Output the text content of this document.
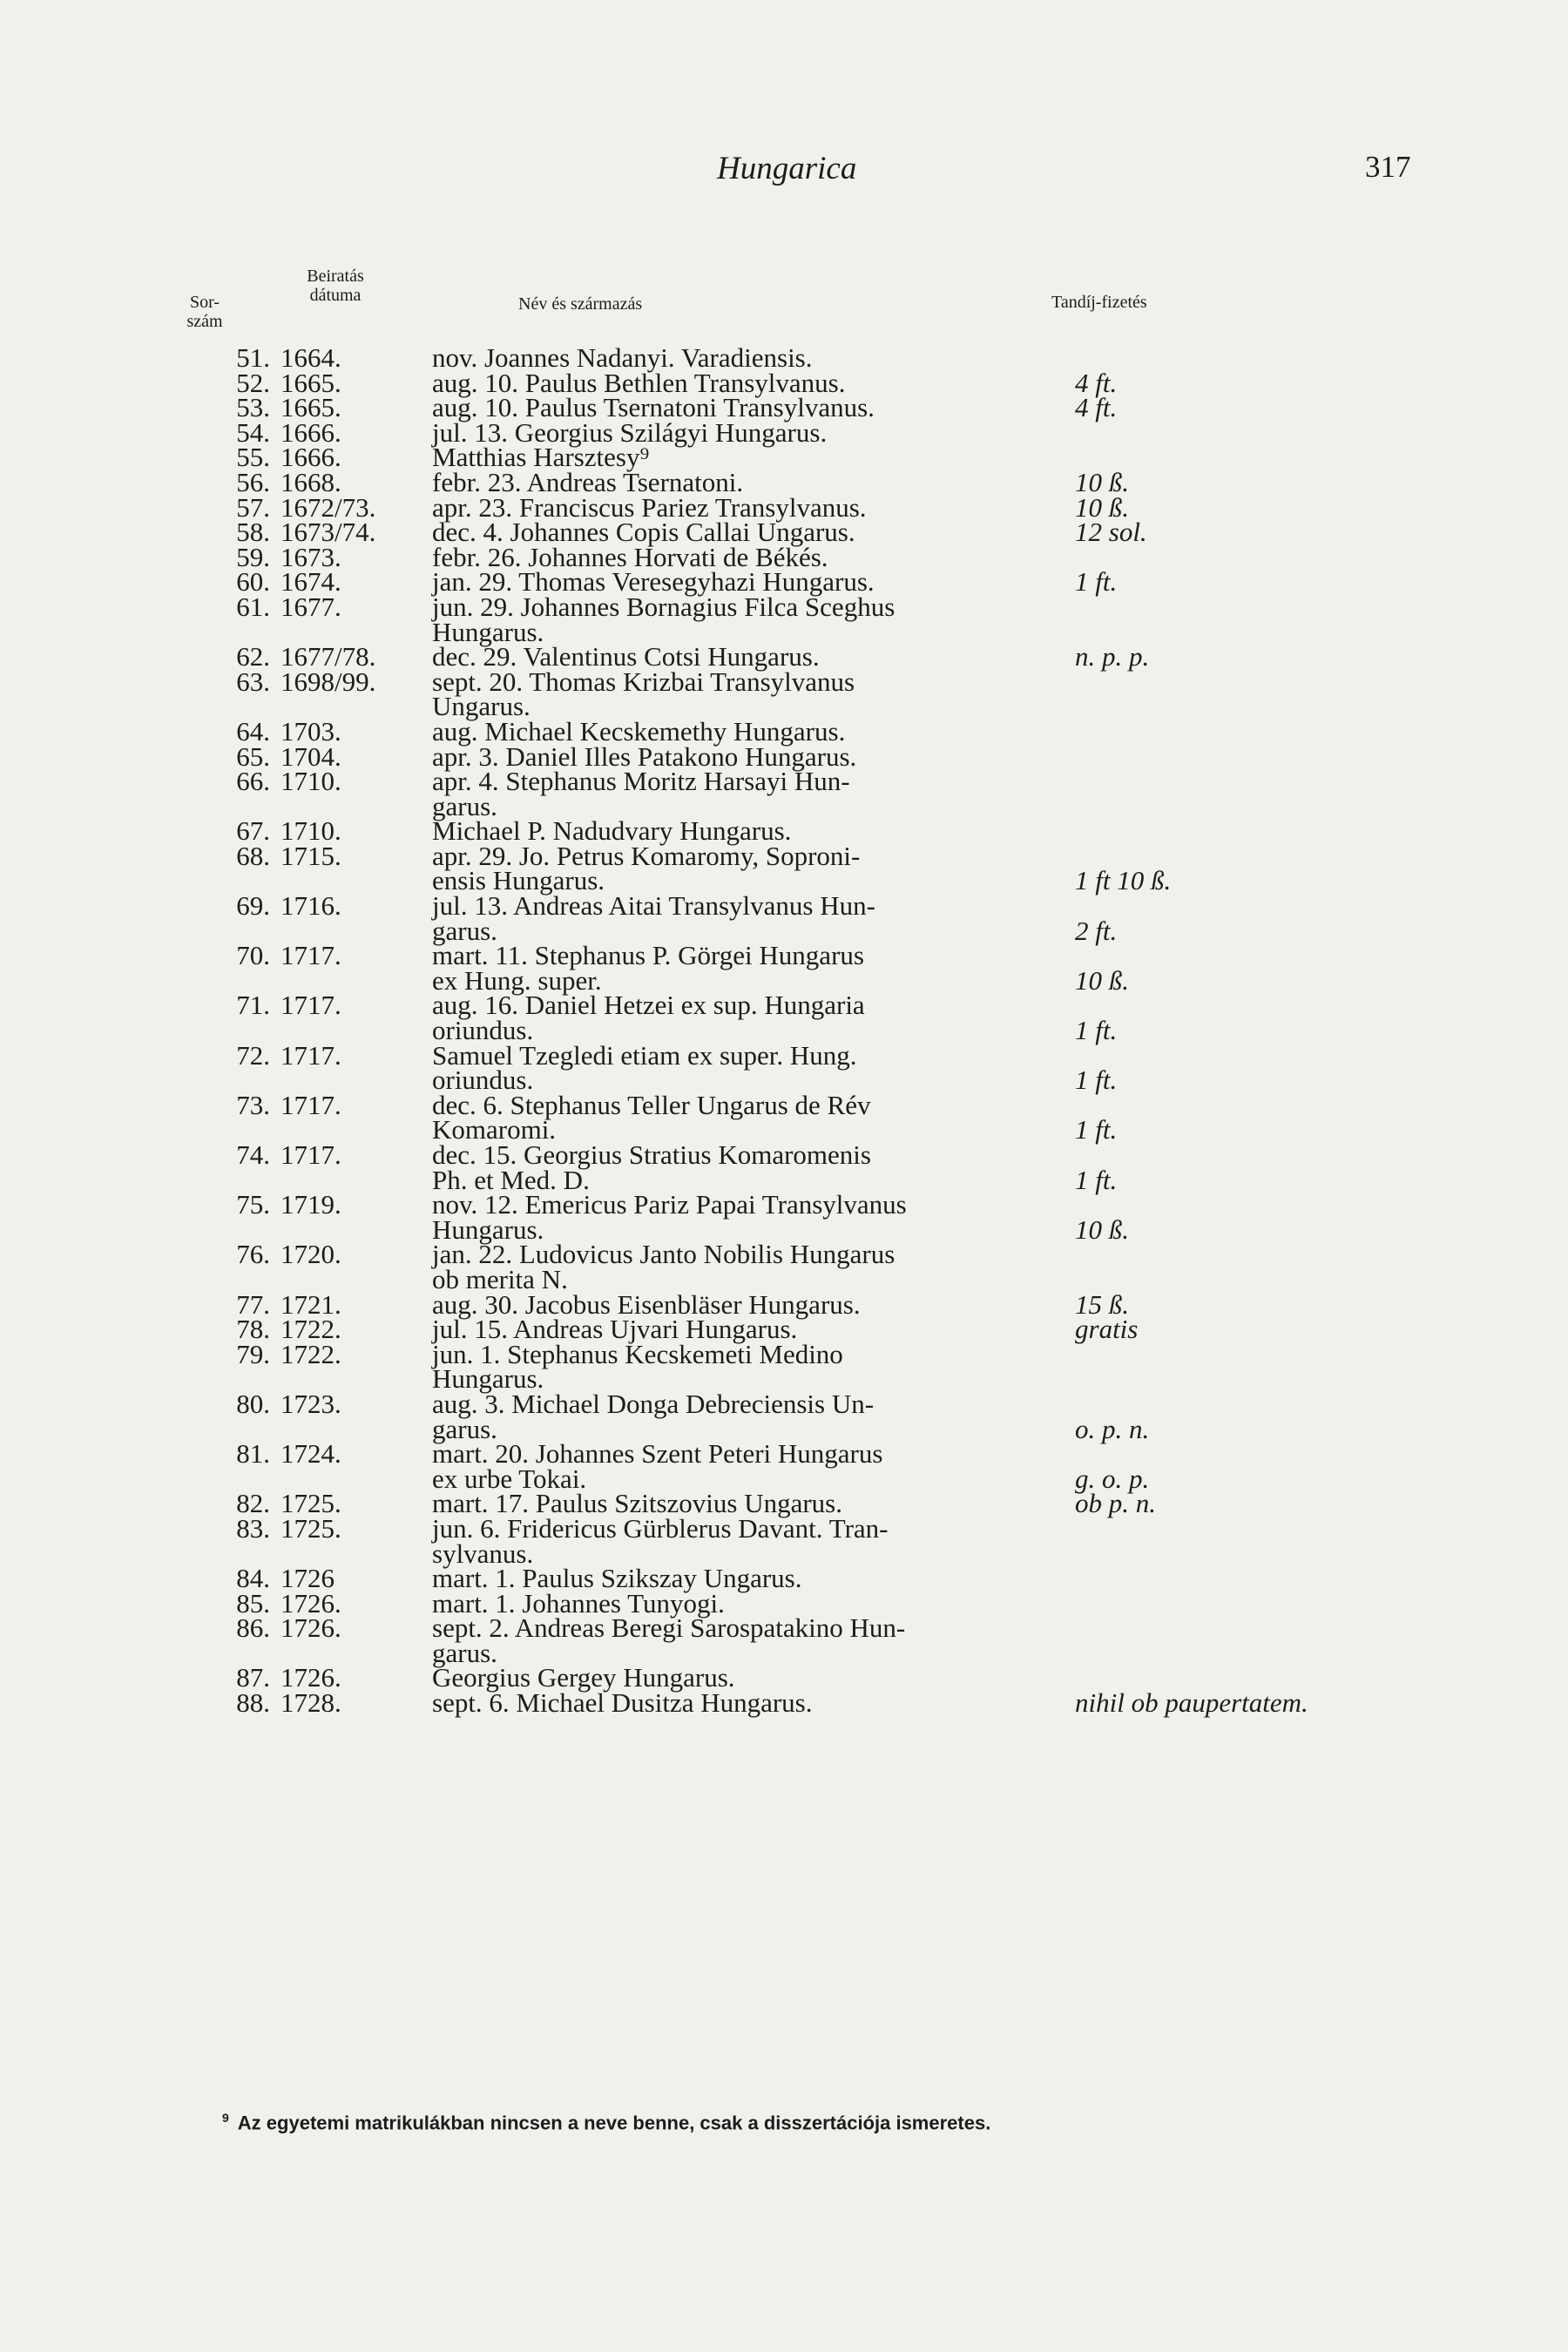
Hungarica	317
Sor-
szám
Beiratás
dátuma	Név és származás	Tandíj-fizetés
51. 1664.	nov. Joannes Nadanyi. Varadiensis.
52. 1665.	aug. 10. Paulus Bethlen Transylvanus.	4 ft.
53. 1665.	aug. 10. Paulus Tsernatoni Transylvanus.	4 ft.
54. 1666.	jul. 13. Georgius Szilágyi Hungarus.
55. 1666.	Matthias Harsztesy⁹
56. 1668.	febr. 23. Andreas Tsernatoni.	10 ß.
57. 1672/73. apr. 23. Franciscus Pariez Transylvanus.	10 ß.
58. 1673/74. dec. 4. Johannes Copis Callai Ungarus.	12 sol.
59. 1673.	febr. 26. Johannes Horvati de Békés.
60. 1674.	jan. 29. Thomas Veresegyhazi Hungarus.	1 ft.
61. 1677.	jun. 29. Johannes Bornagius Filca Sceghus
Hungarus.
62. 1677/78. dec. 29. Valentinus Cotsi Hungarus.	n. p. p.
63. 1698/99. sept. 20. Thomas Krizbai Transylvanus
Ungarus.
64. 1703.	aug. Michael Kecskemethy Hungarus.
65. 1704.	apr. 3. Daniel Illes Patakono Hungarus.
66. 1710.	apr. 4. Stephanus Moritz Harsayi Hun-
garus.
67. 1710.	Michael P. Nadudvary Hungarus.
68. 1715.	apr. 29. Jo. Petrus Komaromy, Soproni-
ensis Hungarus.	1 ft 10 ß.
69. 1716.	jul. 13. Andreas Aitai Transylvanus Hun-
garus.	2 ft.
70. 1717.	mart. 11. Stephanus P. Görgei Hungarus
ex Hung. super.	10 ß.
71. 1717.	aug. 16. Daniel Hetzei ex sup. Hungaria
oriundus.	1 ft.
72. 1717.	Samuel Tzegledi etiam ex super. Hung.
oriundus.	1 ft.
73. 1717.	dec. 6. Stephanus Teller Ungarus de Rév
Komaromi.	1 ft.
74. 1717.	dec. 15. Georgius Stratius Komaromenis
Ph. et Med. D.	1 ft.
75. 1719.	nov. 12. Emericus Pariz Papai Transylvanus
Hungarus.	10 ß.
76. 1720.	jan. 22. Ludovicus Janto Nobilis Hungarus
ob merita N.
77. 1721.	aug. 30. Jacobus Eisenbläser Hungarus.	15 ß.
78. 1722.	jul. 15. Andreas Ujvari Hungarus.	gratis
79. 1722.	jun. 1. Stephanus Kecskemeti Medino
Hungarus.
80. 1723.	aug. 3. Michael Donga Debreciensis Un-
garus.	o. p. n.
81. 1724.	mart. 20. Johannes Szent Peteri Hungarus
ex urbe Tokai.	g. o. p.
82. 1725.	mart. 17. Paulus Szitszovius Ungarus.	ob p. n.
83. 1725.	jun. 6. Fridericus Gürblerus Davant. Tran-
sylvanus.
84. 1726	mart. 1. Paulus Szikszay Ungarus.
85. 1726.	mart. 1. Johannes Tunyogi.
86. 1726.	sept. 2. Andreas Beregi Sarospatakino Hun-
garus.
87. 1726.	Georgius Gergey Hungarus.
88. 1728.	sept. 6. Michael Dusitza Hungarus.	nihil ob paupertatem.
$^9$ Az egyetemi matrikulákban nincsen a neve benne, csak a disszertációja ismeretes.
